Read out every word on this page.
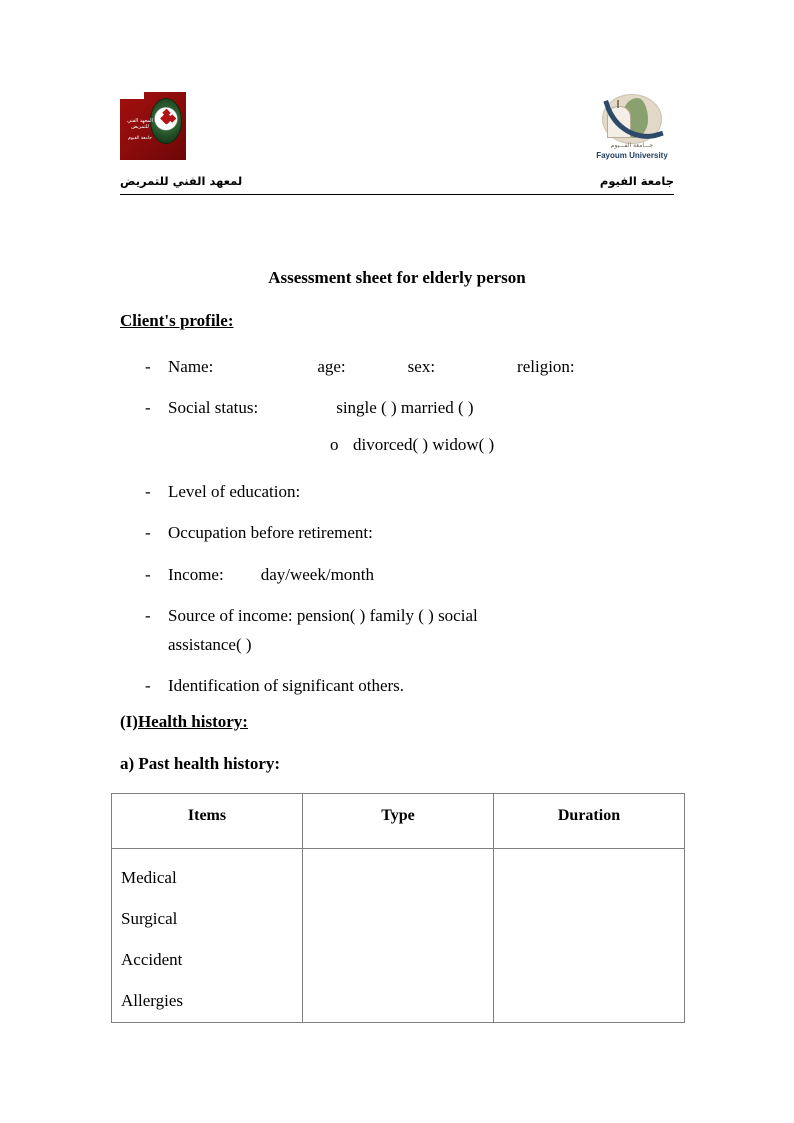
المعهد الفني للتمريض
جامعة الفيوم
جـــامعة الفـــيوم
Fayoum University
جامعة الفيوم
لمعهد الفني للتمريض
Assessment sheet for elderly person
Client's profile:
- Name:	age:	sex:	religion:
- Social status:	single ( ) married ( )
o divorced( ) widow( )
- Level of education:
- Occupation before retirement:
- Income: day/week/month
- Source of income: pension( ) family ( ) social
assistance( )
- Identification of significant others.
(I)Health history:
a) Past health history:
Items	Type	Duration

Medical
Surgical
Accident
Allergies		
